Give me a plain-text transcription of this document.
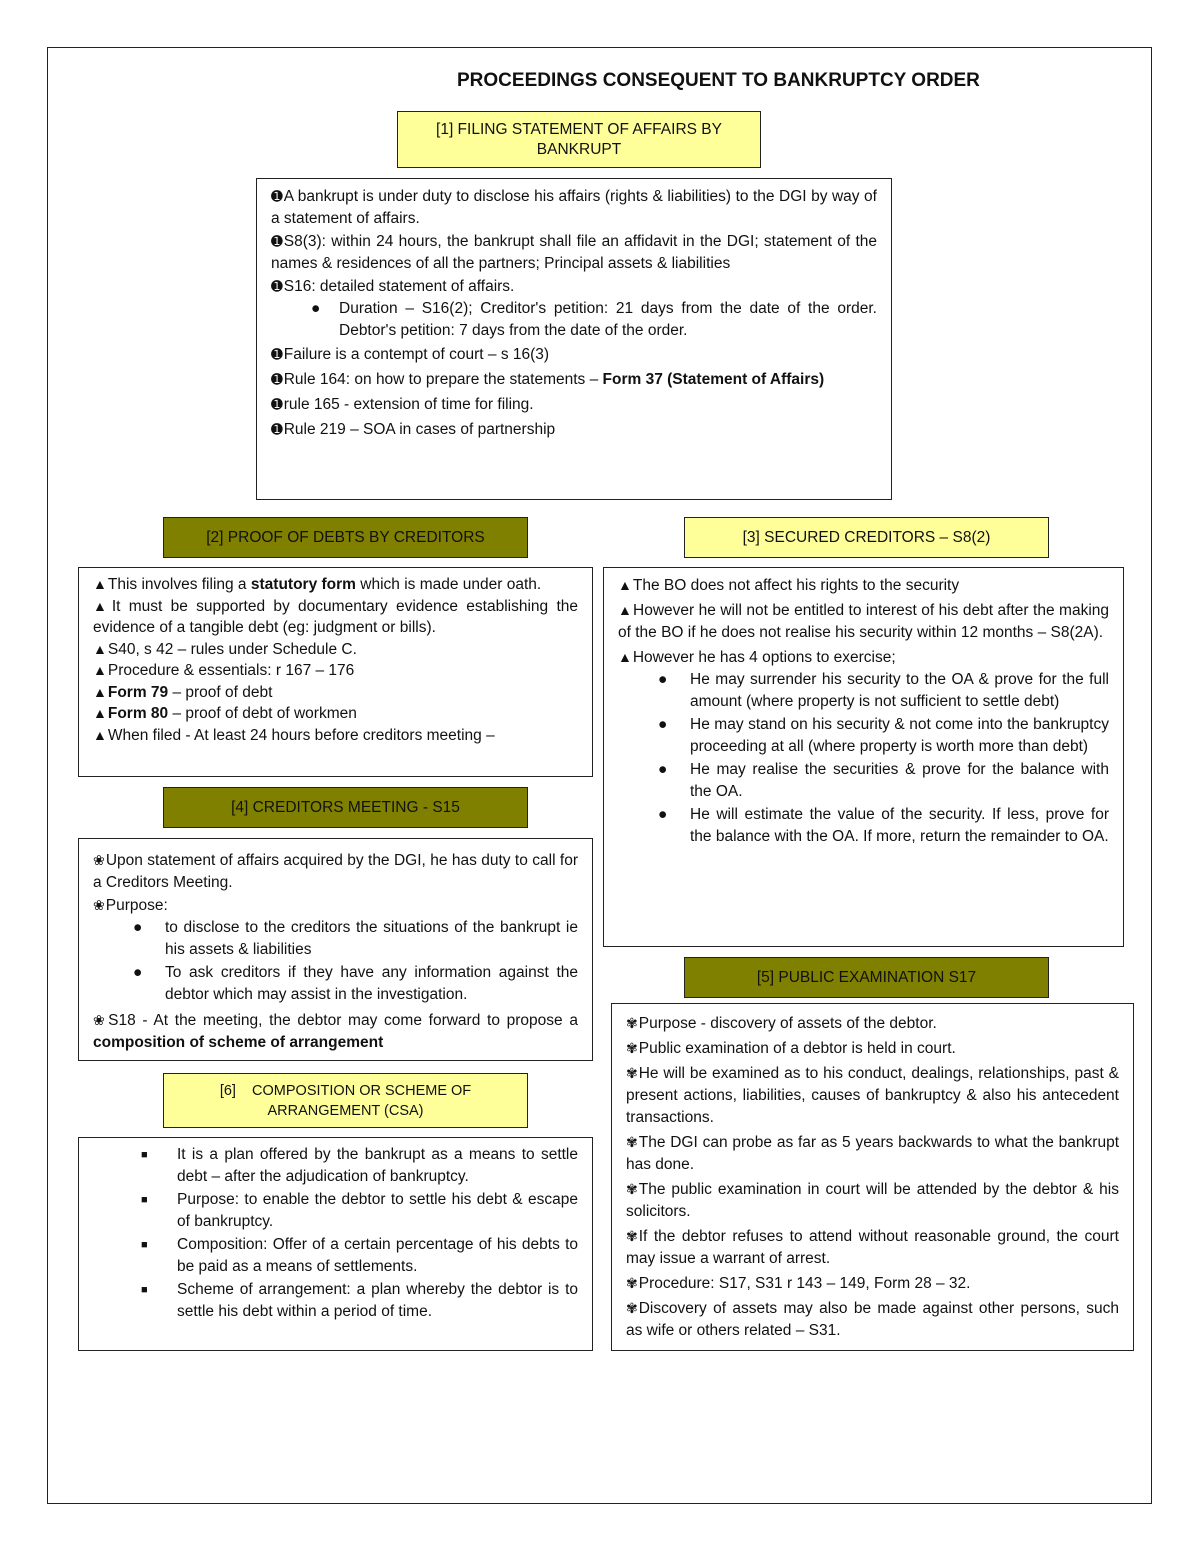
PROCEEDINGS CONSEQUENT TO BANKRUPTCY ORDER
[1] FILING STATEMENT OF AFFAIRS BY BANKRUPT

➊A bankrupt is under duty to disclose his affairs (rights & liabilities) to the DGI by way of a statement of affairs.

➊S8(3): within 24 hours, the bankrupt shall file an affidavit in the DGI; statement of the names & residences of all the partners; Principal assets & liabilities

➊S16: detailed statement of affairs.

● Duration – S16(2); Creditor's petition: 21 days from the date of the order. Debtor's petition: 7 days from the date of the order.

➊Failure is a contempt of court – s 16(3)

➊Rule 164: on how to prepare the statements – Form 37 (Statement of Affairs)

➊rule 165 - extension of time for filing.

➊Rule 219 – SOA in cases of partnership

[2] PROOF OF DEBTS BY CREDITORS

▲This involves filing a statutory form which is made under oath.

▲It must be supported by documentary evidence establishing the evidence of a tangible debt (eg: judgment or bills).

▲S40, s 42 – rules under Schedule C.

▲Procedure & essentials: r 167 – 176

▲Form 79 – proof of debt

▲Form 80 – proof of debt of workmen

▲When filed - At least 24 hours before creditors meeting –

[3] SECURED CREDITORS – S8(2)

▲The BO does not affect his rights to the security

▲However he will not be entitled to interest of his debt after the making of the BO if he does not realise his security within 12 months – S8(2A).

▲However he has 4 options to exercise;

● He may surrender his security to the OA & prove for the full amount (where property is not sufficient to settle debt)
● He may stand on his security & not come into the bankruptcy proceeding at all (where property is worth more than debt)
● He may realise the securities & prove for the balance with the OA.
● He will estimate the value of the security. If less, prove for the balance with the OA. If more, return the remainder to OA.
[4] CREDITORS MEETING - S15

❀Upon statement of affairs acquired by the DGI, he has duty to call for a Creditors Meeting.

❀Purpose:

● to disclose to the creditors the situations of the bankrupt ie his assets & liabilities
● To ask creditors if they have any information against the debtor which may assist in the investigation.

❀S18 - At the meeting, the debtor may come forward to propose a composition of scheme of arrangement

[5] PUBLIC EXAMINATION S17

✾Purpose - discovery of assets of the debtor.

✾Public examination of a debtor is held in court.

✾He will be examined as to his conduct, dealings, relationships, past & present actions, liabilities, causes of bankruptcy & also his antecedent transactions.

✾The DGI can probe as far as 5 years backwards to what the bankrupt has done.

✾The public examination in court will be attended by the debtor & his solicitors.

✾If the debtor refuses to attend without reasonable ground, the court may issue a warrant of arrest.

✾Procedure: S17, S31 r 143 – 149, Form 28 – 32.

✾Discovery of assets may also be made against other persons, such as wife or others related – S31.

[6]    COMPOSITION OR SCHEME OF ARRANGEMENT (CSA)
■ It is a plan offered by the bankrupt as a means to settle debt – after the adjudication of bankruptcy.
■ Purpose: to enable the debtor to settle his debt & escape of bankruptcy.
■ Composition: Offer of a certain percentage of his debts to be paid as a means of settlements.
■ Scheme of arrangement: a plan whereby the debtor is to settle his debt within a period of time.
